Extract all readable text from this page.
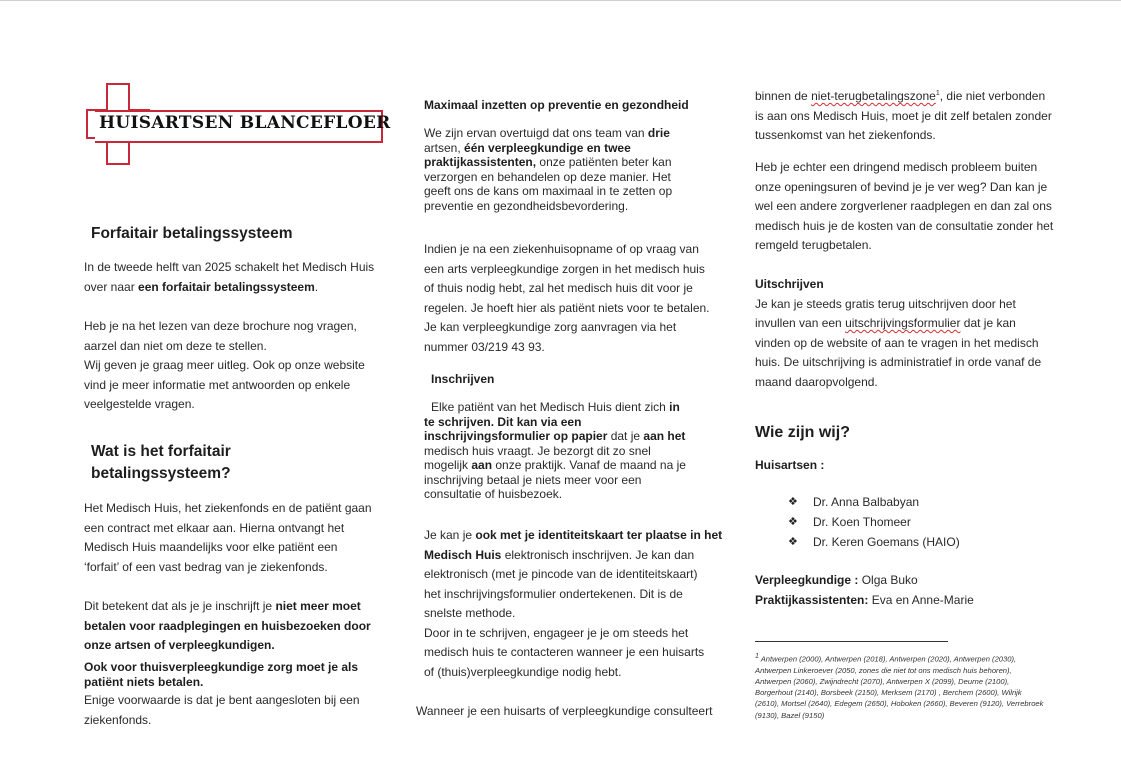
HUISARTSEN BLANCEFLOER
Forfaitair betalingssysteem

In de tweede helft van 2025 schakelt het Medisch Huis

over naar een forfaitair betalingssysteem.

Heb je na het lezen van deze brochure nog vragen,

aarzel dan niet om deze te stellen.

Wij geven je graag meer uitleg. Ook op onze website

vind je meer informatie met antwoorden op enkele

veelgestelde vragen.

Wat is het forfaitair
betalingssysteem?

Het Medisch Huis, het ziekenfonds en de patiënt gaan

een contract met elkaar aan. Hierna ontvangt het

Medisch Huis maandelijks voor elke patiënt een

‘forfait’ of een vast bedrag van je ziekenfonds.

Dit betekent dat als je je inschrijft je niet meer moet

betalen voor raadplegingen en huisbezoeken door

onze artsen of verpleegkundigen.

Ook voor thuisverpleegkundige zorg moet je als

patiënt niets betalen.

Enige voorwaarde is dat je bent aangesloten bij een

ziekenfonds.

Maximaal inzetten op preventie en gezondheid

We zijn ervan overtuigd dat ons team van drie

artsen, één verpleegkundige en twee

praktijkassistenten, onze patiënten beter kan

verzorgen en behandelen op deze manier. Het

geeft ons de kans om maximaal in te zetten op

preventie en gezondheidsbevordering.

Indien je na een ziekenhuisopname of op vraag van

een arts verpleegkundige zorgen in het medisch huis

of thuis nodig hebt, zal het medisch huis dit voor je

regelen. Je hoeft hier als patiënt niets voor te betalen.

Je kan verpleegkundige zorg aanvragen via het

nummer 03/219 43 93.

Inschrijven

Elke patiënt van het Medisch Huis dient zich in

te schrijven. Dit kan via een

inschrijvingsformulier op papier dat je aan het

medisch huis vraagt. Je bezorgt dit zo snel

mogelijk aan onze praktijk. Vanaf de maand na je

inschrijving betaal je niets meer voor een

consultatie of huisbezoek.

Je kan je ook met je identiteitskaart ter plaatse in het

Medisch Huis elektronisch inschrijven. Je kan dan

elektronisch (met je pincode van de identiteitskaart)

het inschrijvingsformulier ondertekenen. Dit is de

snelste methode.

Door in te schrijven, engageer je je om steeds het

medisch huis te contacteren wanneer je een huisarts

of (thuis)verpleegkundige nodig hebt.

Wanneer je een huisarts of verpleegkundige consulteert

binnen de niet-terugbetalingszone$^1$, die niet verbonden

is aan ons Medisch Huis, moet je dit zelf betalen zonder

tussenkomst van het ziekenfonds.

Heb je echter een dringend medisch probleem buiten

onze openingsuren of bevind je je ver weg? Dan kan je

wel een andere zorgverlener raadplegen en dan zal ons

medisch huis je de kosten van de consultatie zonder het

remgeld terugbetalen.

Uitschrijven

Je kan je steeds gratis terug uitschrijven door het

invullen van een uitschrijvingsformulier dat je kan

vinden op de website of aan te vragen in het medisch

huis. De uitschrijving is administratief in orde vanaf de

maand daaropvolgend.

Wie zijn wij?

Huisartsen :

❖ Dr. Anna Balbabyan
❖ Dr. Koen Thomeer
❖ Dr. Keren Goemans (HAIO)

Verpleegkundige : Olga Buko

Praktijkassistenten: Eva en Anne-Marie

$^1$ Antwerpen (2000), Antwerpen (2018), Antwerpen (2020), Antwerpen (2030), Antwerpen Linkeroever (2050, zones die niet tot ons medisch huis behoren), Antwerpen (2060), Zwijndrecht (2070), Antwerpen X (2099), Deurne (2100), Borgerhout (2140), Borsbeek (2150), Merksem (2170) , Berchem (2600), Wilrijk (2610), Mortsel (2640), Edegem (2650), Hoboken (2660), Beveren (9120), Verrebroek (9130), Bazel (9150)
